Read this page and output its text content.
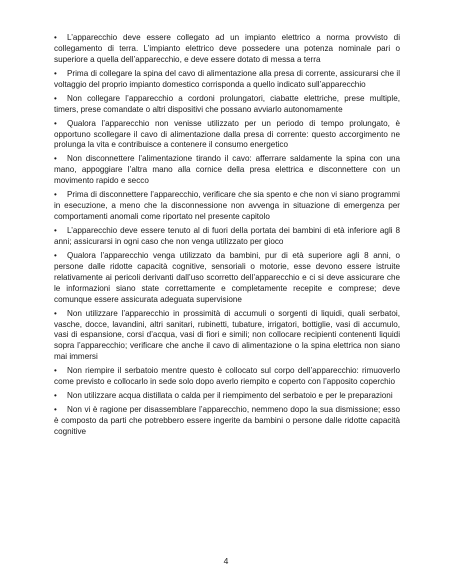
• L’apparecchio deve essere collegato ad un impianto elettrico a norma provvisto di collegamento di terra. L’impianto elettrico deve possedere una potenza nominale pari o superiore a quella dell’apparecchio, e deve essere dotato di messa a terra

• Prima di collegare la spina del cavo di alimentazione alla presa di corrente, assicurarsi che il voltaggio del proprio impianto domestico corrisponda a quello indicato sull’apparecchio

• Non collegare l’apparecchio a cordoni prolungatori, ciabatte elettriche, prese multiple, timers, prese comandate o altri dispositivi che possano avviarlo autonomamente

• Qualora l’apparecchio non venisse utilizzato per un periodo di tempo prolungato, è opportuno scollegare il cavo di alimentazione dalla presa di corrente: questo accorgimento ne prolunga la vita e contribuisce a contenere il consumo energetico

• Non disconnettere l’alimentazione tirando il cavo: afferrare saldamente la spina con una mano, appoggiare l’altra mano alla cornice della presa elettrica e disconnettere con un movimento rapido e secco

• Prima di disconnettere l’apparecchio, verificare che sia spento e che non vi siano programmi in esecuzione, a meno che la disconnessione non avvenga in situazione di emergenza per comportamenti anomali come riportato nel presente capitolo

• L’apparecchio deve essere tenuto al di fuori della portata dei bambini di età inferiore agli 8 anni; assicurarsi in ogni caso che non venga utilizzato per gioco

• Qualora l’apparecchio venga utilizzato da bambini, pur di età superiore agli 8 anni, o persone dalle ridotte capacità cognitive, sensoriali o motorie, esse devono essere istruite relativamente ai pericoli derivanti dall’uso scorretto dell’apparecchio e ci si deve assicurare che le informazioni siano state correttamente e completamente recepite e comprese; deve comunque essere assicurata adeguata supervisione

• Non utilizzare l’apparecchio in prossimità di accumuli o sorgenti di liquidi, quali serbatoi, vasche, docce, lavandini, altri sanitari, rubinetti, tubature, irrigatori, bottiglie, vasi di accumulo, vasi di espansione, corsi d’acqua, vasi di fiori e simili; non collocare recipienti contenenti liquidi sopra l’apparecchio; verificare che anche il cavo di alimentazione o la spina elettrica non siano mai immersi

• Non riempire il serbatoio mentre questo è collocato sul corpo dell’apparecchio: rimuoverlo come previsto e collocarlo in sede solo dopo averlo riempito e coperto con l’apposito coperchio

• Non utilizzare acqua distillata o calda per il riempimento del serbatoio e per le preparazioni

• Non vi è ragione per disassemblare l’apparecchio, nemmeno dopo la sua dismissione; esso è composto da parti che potrebbero essere ingerite da bambini o persone dalle ridotte capacità cognitive

4
